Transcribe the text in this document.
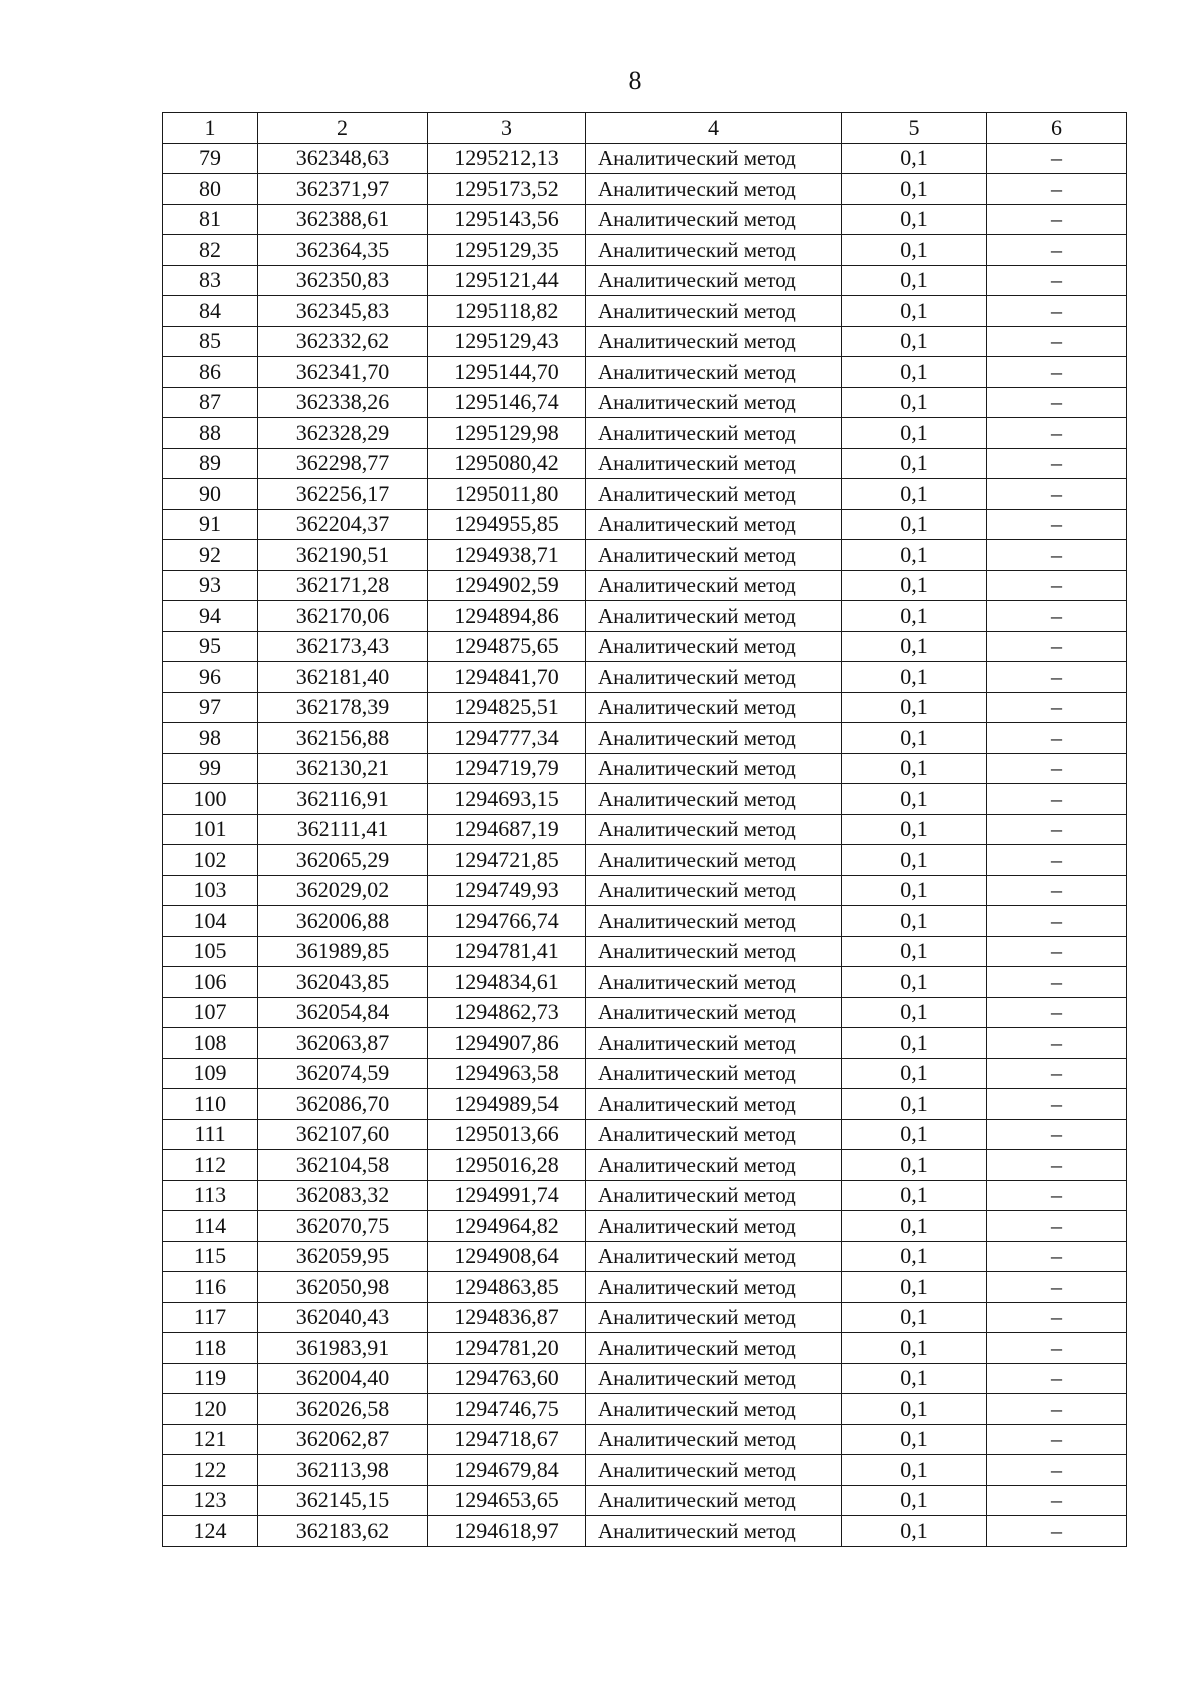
8
1	2	3	4	5	6
79	362348,63	1295212,13	Аналитический метод	0,1	–
80	362371,97	1295173,52	Аналитический метод	0,1	–
81	362388,61	1295143,56	Аналитический метод	0,1	–
82	362364,35	1295129,35	Аналитический метод	0,1	–
83	362350,83	1295121,44	Аналитический метод	0,1	–
84	362345,83	1295118,82	Аналитический метод	0,1	–
85	362332,62	1295129,43	Аналитический метод	0,1	–
86	362341,70	1295144,70	Аналитический метод	0,1	–
87	362338,26	1295146,74	Аналитический метод	0,1	–
88	362328,29	1295129,98	Аналитический метод	0,1	–
89	362298,77	1295080,42	Аналитический метод	0,1	–
90	362256,17	1295011,80	Аналитический метод	0,1	–
91	362204,37	1294955,85	Аналитический метод	0,1	–
92	362190,51	1294938,71	Аналитический метод	0,1	–
93	362171,28	1294902,59	Аналитический метод	0,1	–
94	362170,06	1294894,86	Аналитический метод	0,1	–
95	362173,43	1294875,65	Аналитический метод	0,1	–
96	362181,40	1294841,70	Аналитический метод	0,1	–
97	362178,39	1294825,51	Аналитический метод	0,1	–
98	362156,88	1294777,34	Аналитический метод	0,1	–
99	362130,21	1294719,79	Аналитический метод	0,1	–
100	362116,91	1294693,15	Аналитический метод	0,1	–
101	362111,41	1294687,19	Аналитический метод	0,1	–
102	362065,29	1294721,85	Аналитический метод	0,1	–
103	362029,02	1294749,93	Аналитический метод	0,1	–
104	362006,88	1294766,74	Аналитический метод	0,1	–
105	361989,85	1294781,41	Аналитический метод	0,1	–
106	362043,85	1294834,61	Аналитический метод	0,1	–
107	362054,84	1294862,73	Аналитический метод	0,1	–
108	362063,87	1294907,86	Аналитический метод	0,1	–
109	362074,59	1294963,58	Аналитический метод	0,1	–
110	362086,70	1294989,54	Аналитический метод	0,1	–
111	362107,60	1295013,66	Аналитический метод	0,1	–
112	362104,58	1295016,28	Аналитический метод	0,1	–
113	362083,32	1294991,74	Аналитический метод	0,1	–
114	362070,75	1294964,82	Аналитический метод	0,1	–
115	362059,95	1294908,64	Аналитический метод	0,1	–
116	362050,98	1294863,85	Аналитический метод	0,1	–
117	362040,43	1294836,87	Аналитический метод	0,1	–
118	361983,91	1294781,20	Аналитический метод	0,1	–
119	362004,40	1294763,60	Аналитический метод	0,1	–
120	362026,58	1294746,75	Аналитический метод	0,1	–
121	362062,87	1294718,67	Аналитический метод	0,1	–
122	362113,98	1294679,84	Аналитический метод	0,1	–
123	362145,15	1294653,65	Аналитический метод	0,1	–
124	362183,62	1294618,97	Аналитический метод	0,1	–
